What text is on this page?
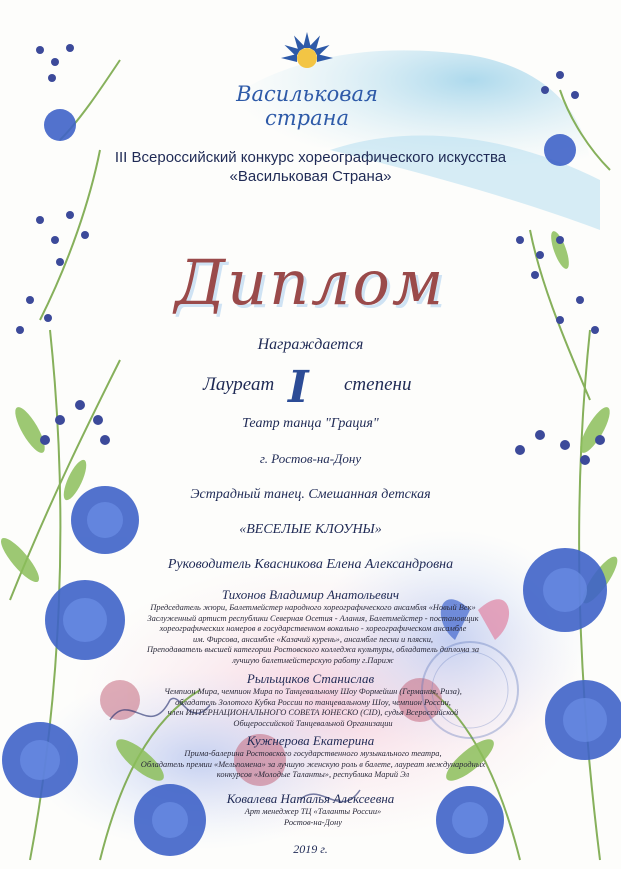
Васильковая
страна
III Всероссийский конкурс хореографического искусства
«Васильковая Страна»
Диплом
Награждается
Лауреат I степени
Театр танца "Грация"
г. Ростов-на-Дону
Эстрадный танец. Смешанная детская
«ВЕСЕЛЫЕ КЛОУНЫ»
Руководитель Квасникова Елена Александровна
Тихонов Владимир Анатольевич
Председатель жюри, Балетмейстер народного хореографического ансамбля «Новый Век»
Заслуженный артист республики Северная Осетия - Алания, Балетмейстер - постановщик
хореографических номеров в государственном вокально - хореографическом ансамбле
им. Фирсова, ансамбле «Казачий курень», ансамбле песни и пляски,
Преподаватель высшей категории Ростовского колледжа культуры, обладатель диплома за
лучшую балетмейстерскую работу г.Париж
Рыльщиков Станислав
Чемпион Мира, чемпион Мира по Танцевальному Шоу Формейшн (Германия, Риза),
обладатель Золотого Кубка России по танцевальному Шоу, чемпион России,
член ИНТЕРНАЦИОНАЛЬНОГО СОВЕТА ЮНЕСКО (CID), судья Всероссийской
Общероссийской Танцевальной Организации
Кужнерова Екатерина
Прима-балерина Ростовского государственного музыкального театра,
Обладатель премии «Мельпомена» за лучшую женскую роль в балете, лауреат международных
конкурсов «Молодые Таланты», республика Марий Эл
Ковалева Наталья Алексеевна
Арт менеджер ТЦ «Таланты России»
Ростов-на-Дону
2019 г.
